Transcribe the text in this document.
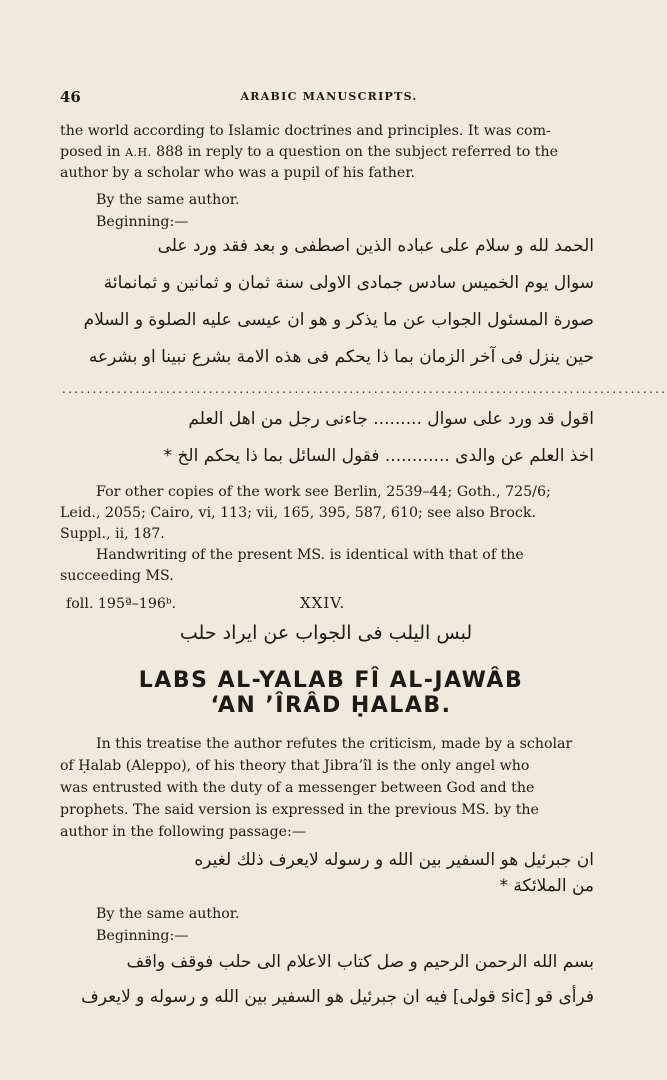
46	ARABIC MANUSCRIPTS.
the world according to Islamic doctrines and principles. It was com-
posed in A.H. 888 in reply to a question on the subject referred to the
author by a scholar who was a pupil of his father.
By the same author.
Beginning:—
الحمد لله و سلام على عباده الذين اصطفى و بعد فقد ورد على
سوال يوم الخميس سادس جمادى الاولى سنة ثمان و ثمانين و ثمانمائة
صورة المسئول الجواب عن ما يذكر و هو ان عيسى عليه الصلوة و السلام
حين ينزل فى آخر الزمان بما ذا يحكم فى هذه الامة بشرع نبينا او بشرعه
...................................................................................................
اقول قد ورد على سوال ......... جاءنى رجل من اهل العلم
اخذ العلم عن والدى ............ فقول السائل بما ذا يحكم الخ *
For other copies of the work see Berlin, 2539–44; Goth., 725/6;
Leid., 2055; Cairo, vi, 113; vii, 165, 395, 587, 610; see also Brock.
Suppl., ii, 187.
Handwriting of the present MS. is identical with that of the
succeeding MS.
foll. 195ª–196ᵇ.	XXIV.
لبس اليلب فى الجواب عن ايراد حلب
LABS AL-YALAB FÎ AL-JAWÂB
‘AN ’ÎRÂD ḤALAB.
In this treatise the author refutes the criticism, made by a scholar
of Ḥalab (Aleppo), of his theory that Jibra’îl is the only angel who
was entrusted with the duty of a messenger between God and the
prophets. The said version is expressed in the previous MS. by the
author in the following passage:—
ان جبرئيل هو السفير بين الله و رسوله لايعرف ذلك لغيره
من الملائكة *
By the same author.
Beginning:—
بسم الله الرحمن الرحيم و صل كتاب الاعلام الى حلب فوقف واقف
فرأى قو [sic قولى] فيه ان جبرئيل هو السفير بين الله و رسوله و لايعرف
